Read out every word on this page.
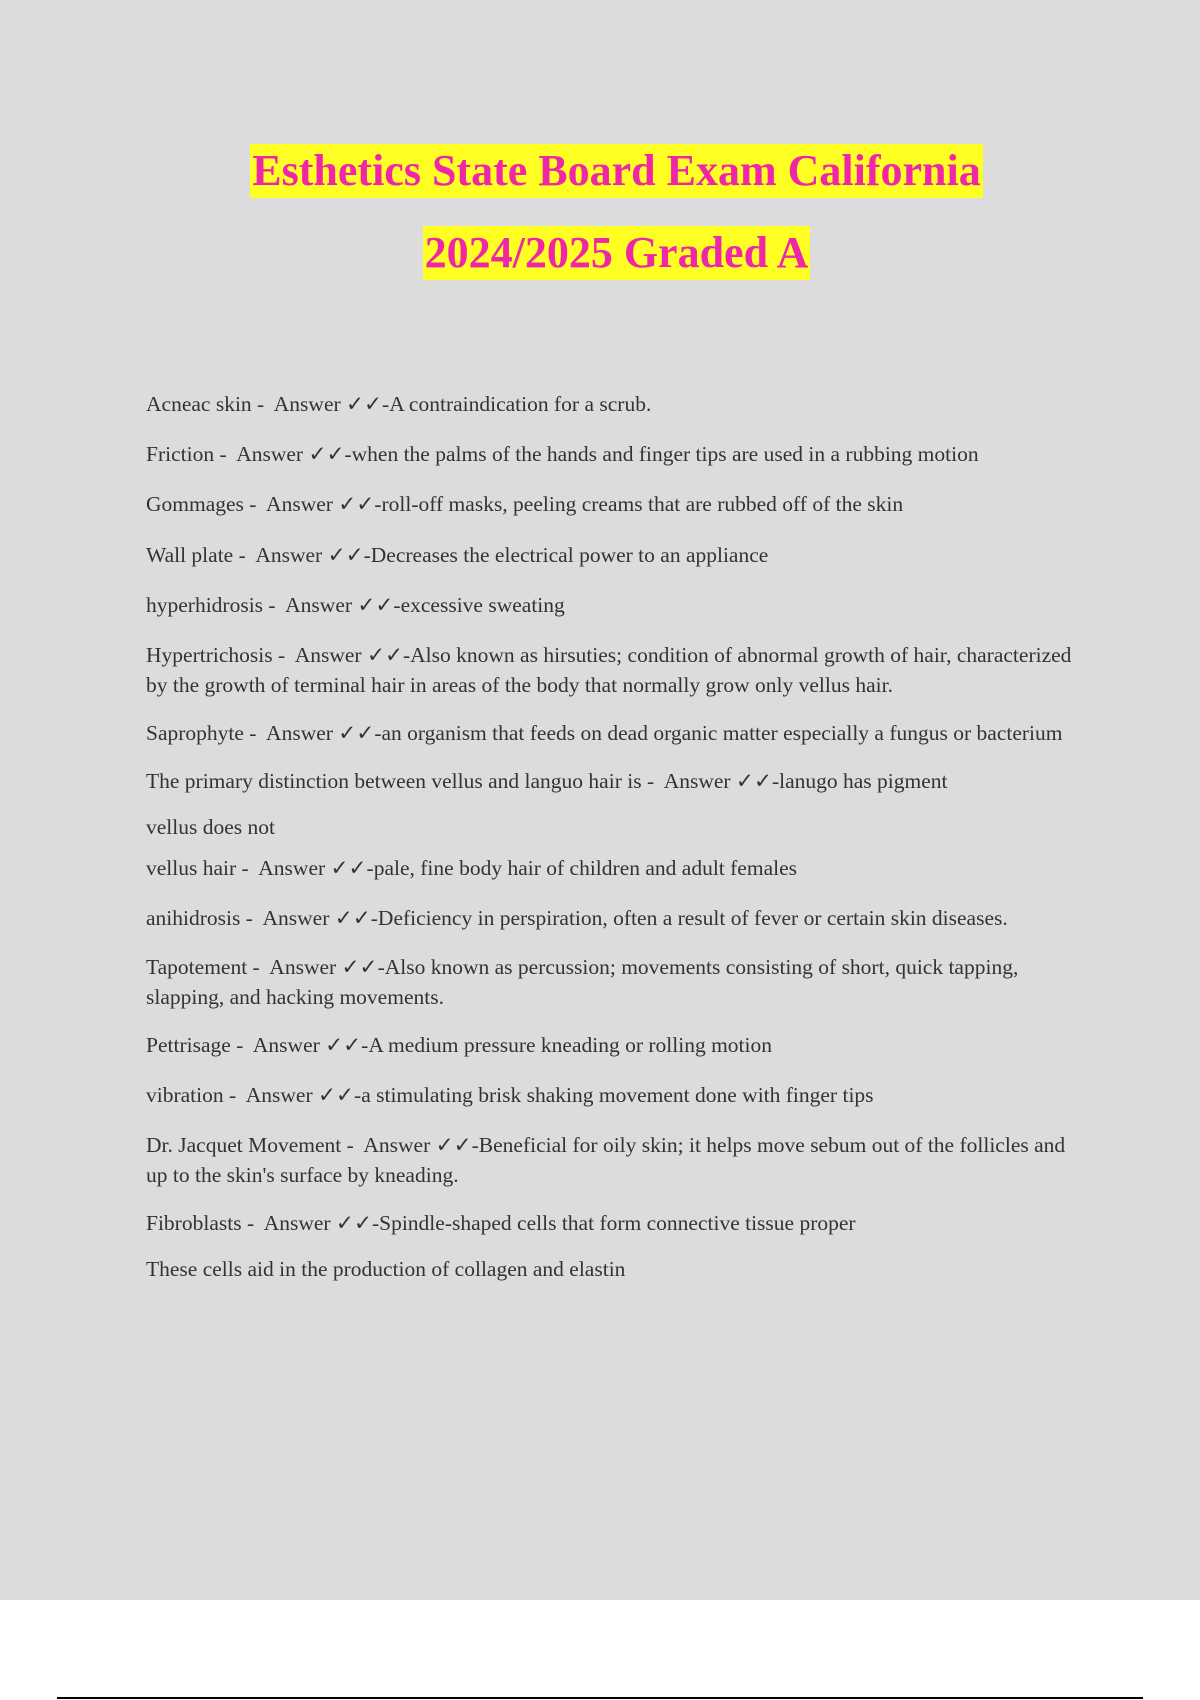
Esthetics State Board Exam California
2024/2025 Graded A

Acneac skin - Answer ✓✓-A contraindication for a scrub.

Friction - Answer ✓✓-when the palms of the hands and finger tips are used in a rubbing motion

Gommages - Answer ✓✓-roll-off masks, peeling creams that are rubbed off of the skin

Wall plate - Answer ✓✓-Decreases the electrical power to an appliance

hyperhidrosis - Answer ✓✓-excessive sweating

Hypertrichosis - Answer ✓✓-Also known as hirsuties; condition of abnormal growth of hair, characterized by the growth of terminal hair in areas of the body that normally grow only vellus hair.

Saprophyte - Answer ✓✓-an organism that feeds on dead organic matter especially a fungus or bacterium

The primary distinction between vellus and languo hair is - Answer ✓✓-lanugo has pigment

vellus does not

vellus hair - Answer ✓✓-pale, fine body hair of children and adult females

anihidrosis - Answer ✓✓-Deficiency in perspiration, often a result of fever or certain skin diseases.

Tapotement - Answer ✓✓-Also known as percussion; movements consisting of short, quick tapping, slapping, and hacking movements.

Pettrisage - Answer ✓✓-A medium pressure kneading or rolling motion

vibration - Answer ✓✓-a stimulating brisk shaking movement done with finger tips

Dr. Jacquet Movement - Answer ✓✓-Beneficial for oily skin; it helps move sebum out of the follicles and up to the skin's surface by kneading.

Fibroblasts - Answer ✓✓-Spindle-shaped cells that form connective tissue proper

These cells aid in the production of collagen and elastin
